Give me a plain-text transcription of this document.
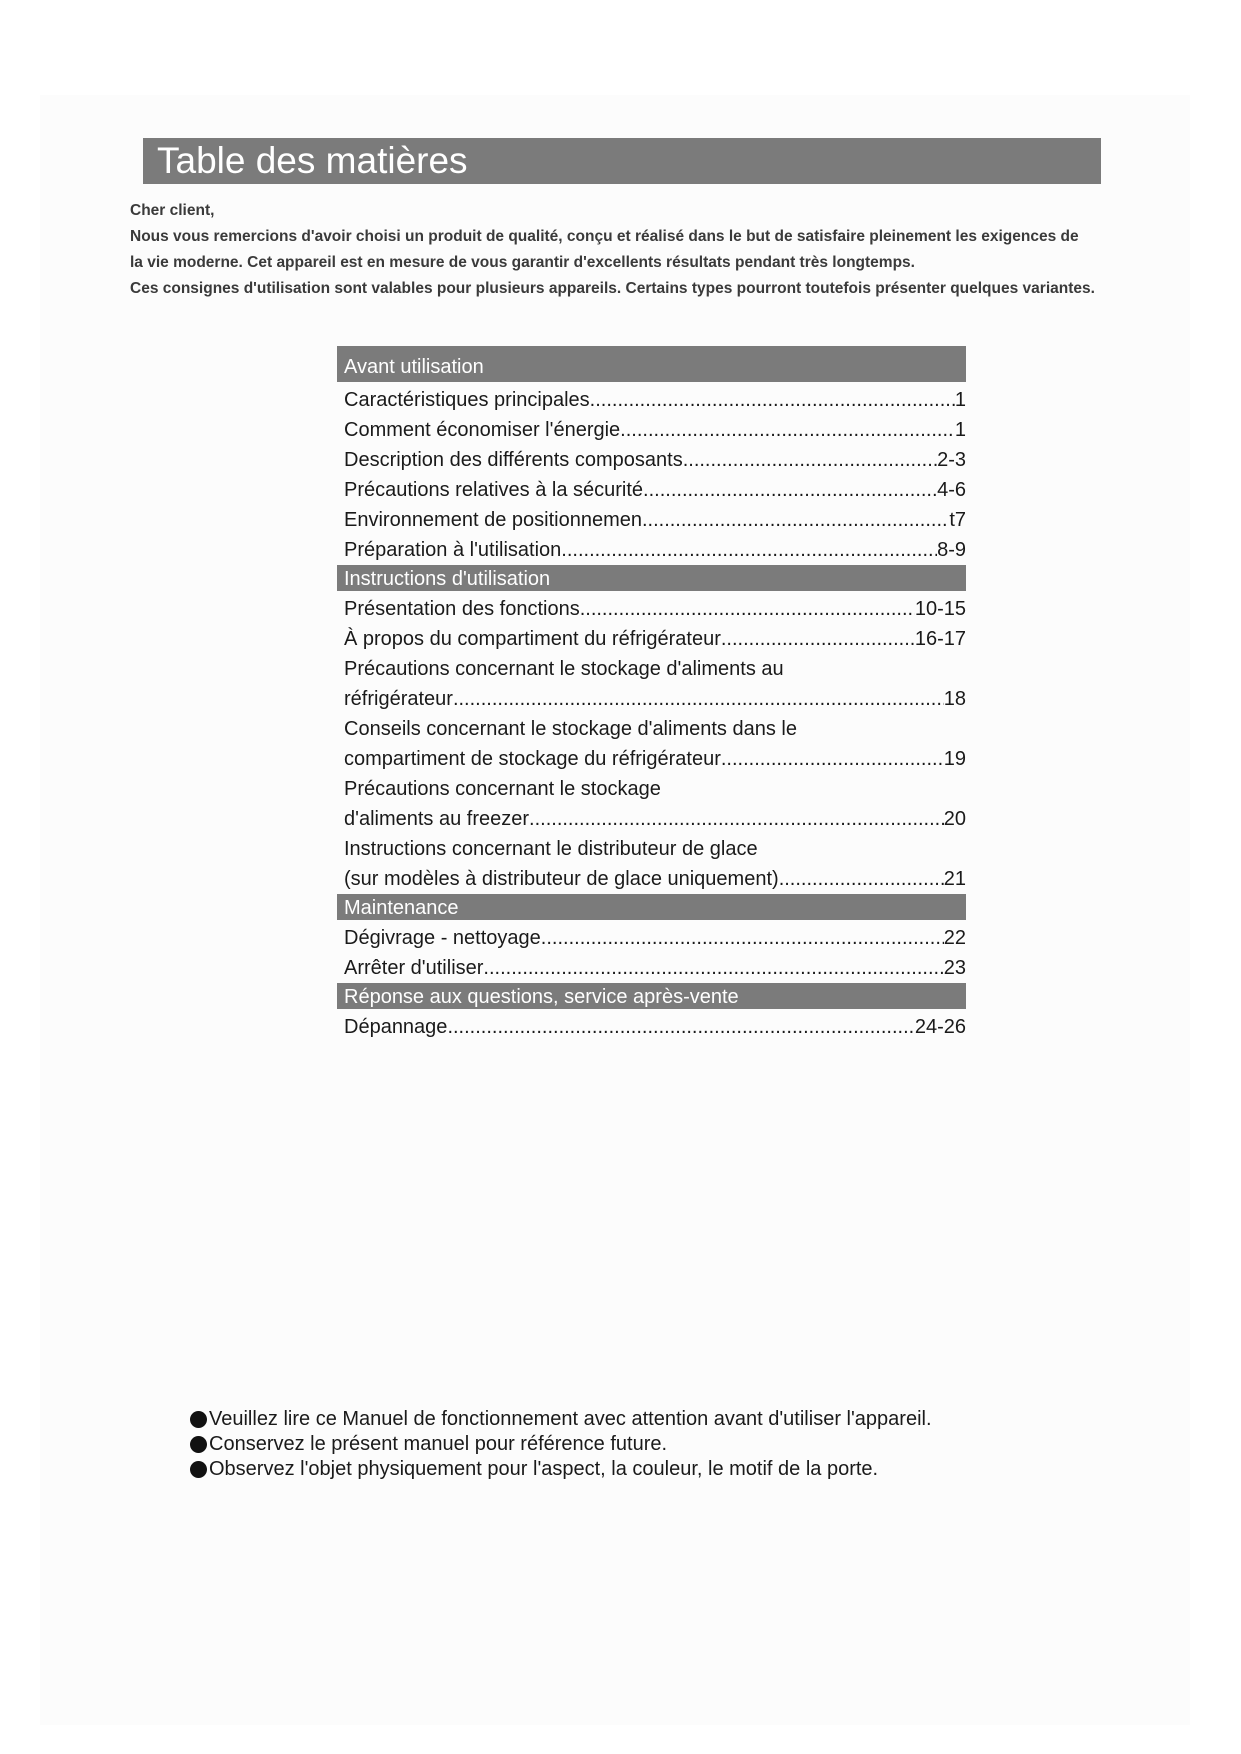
Table des matières
Cher client,
Nous vous remercions d'avoir choisi un produit de qualité, conçu et réalisé dans le but de satisfaire pleinement les exigences de
la vie moderne. Cet appareil est en mesure de vous garantir d'excellents résultats pendant très longtemps.
Ces consignes d'utilisation sont valables pour plusieurs appareils. Certains types pourront toutefois présenter quelques variantes.
Avant utilisation
Caractéristiques principales .....	1
Comment économiser l'énergie .....	1
Description des différents composants .....	2-3
Précautions relatives à la sécurité .....	4-6
Environnement de positionnemen .....	t7
Préparation à l'utilisation .....	8-9
Instructions d'utilisation
Présentation des fonctions .....	10-15
À propos du compartiment du réfrigérateur .....	16-17
Précautions concernant le stockage d'aliments au
réfrigérateur .....	18
Conseils concernant le stockage d'aliments dans le
compartiment de stockage du réfrigérateur .....	19
Précautions concernant le stockage
d'aliments au freezer .....	20
Instructions concernant le distributeur de glace
(sur modèles à distributeur de glace uniquement) .....	21
Maintenance
Dégivrage - nettoyage .....	22
Arrêter d'utiliser .....	23
Réponse aux questions, service après-vente
Dépannage .....	24-26
Veuillez lire ce Manuel de fonctionnement avec attention avant d'utiliser l'appareil.
Conservez le présent manuel pour référence future.
Observez l'objet physiquement pour l'aspect, la couleur, le motif de la porte.
